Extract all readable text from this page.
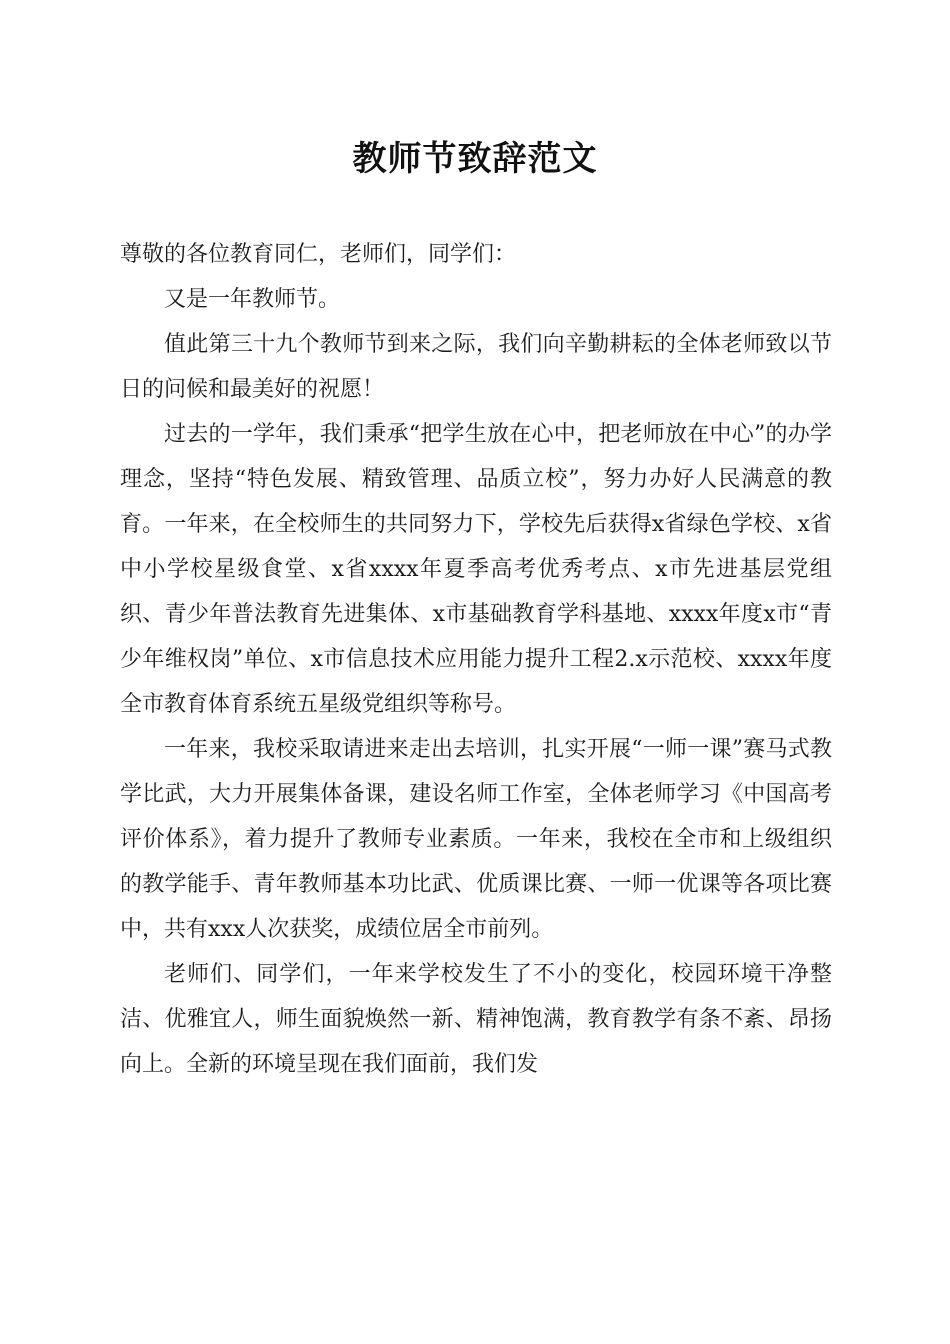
教师节致辞范文

尊敬的各位教育同仁，老师们，同学们：

又是一年教师节。

值此第三十九个教师节到来之际，我们向辛勤耕耘的全体老师致以节日的问候和最美好的祝愿！

过去的一学年，我们秉承“把学生放在心中，把老师放在中心”的办学理念，坚持“特色发展、精致管理、品质立校”，努力办好人民满意的教育。一年来，在全校师生的共同努力下，学校先后获得x省绿色学校、x省中小学校星级食堂、x省xxxx年夏季高考优秀考点、x市先进基层党组织、青少年普法教育先进集体、x市基础教育学科基地、xxxx年度x市“青少年维权岗”单位、x市信息技术应用能力提升工程2.x示范校、xxxx年度全市教育体育系统五星级党组织等称号。

一年来，我校采取请进来走出去培训，扎实开展“一师一课”赛马式教学比武，大力开展集体备课，建设名师工作室，全体老师学习《中国高考评价体系》，着力提升了教师专业素质。一年来，我校在全市和上级组织的教学能手、青年教师基本功比武、优质课比赛、一师一优课等各项比赛中，共有xxx人次获奖，成绩位居全市前列。

老师们、同学们，一年来学校发生了不小的变化，校园环境干净整洁、优雅宜人，师生面貌焕然一新、精神饱满，教育教学有条不紊、昂扬向上。全新的环境呈现在我们面前，我们发
